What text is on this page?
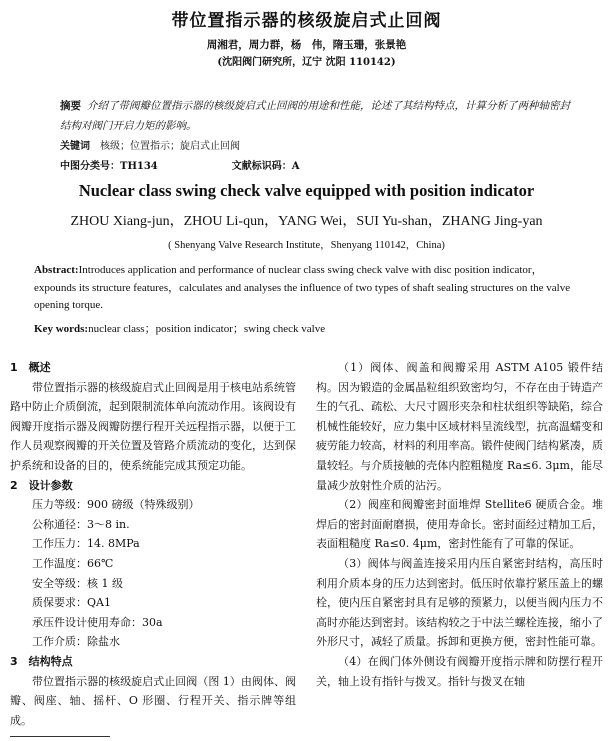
带位置指示器的核级旋启式止回阀
周湘君，周力群，杨　伟，隋玉珊，张景艳
(沈阳阀门研究所，辽宁 沈阳 110142)
摘要 介绍了带阀瓣位置指示器的核级旋启式止回阀的用途和性能，论述了其结构特点，计算分析了两种轴密封结构对阀门开启力矩的影响。
关键词 核级；位置指示；旋启式止回阀
中图分类号：TH134	文献标识码：A
Nuclear class swing check valve equipped with position indicator
ZHOU Xiang-jun，ZHOU Li-qun，YANG Wei，SUI Yu-shan，ZHANG Jing-yan
( Shenyang Valve Research Institute，Shenyang 110142，China)
Abstract:Introduces application and performance of nuclear class swing check valve with disc position indicator，expounds its structure features，calculates and analyses the influence of two types of shaft sealing structures on the valve opening torque.
Key words:nuclear class；position indicator；swing check valve

1　概述

带位置指示器的核级旋启式止回阀是用于核电站系统管路中防止介质倒流，起到限制流体单向流动作用。该阀设有阀瓣开度指示器及阀瓣防摆行程开关远程指示器，以便于工作人员观察阀瓣的开关位置及管路介质流动的变化，达到保护系统和设备的目的，使系统能完成其预定功能。

2　设计参数

压力等级：900 磅级（特殊级别）

公称通径：3～8 in.

工作压力：14. 8MPa

工作温度：66℃

安全等级：核 1 级

质保要求：QA1

承压件设计使用寿命：30a

工作介质：除盐水

3　结构特点

带位置指示器的核级旋启式止回阀（图 1）由阀体、阀瓣、阀座、轴、摇杆、O 形圈、行程开关、指示牌等组成。

（1）阀体、阀盖和阀瓣采用 ASTM A105 锻件结构。因为锻造的金属晶粒组织致密均匀，不存在由于铸造产生的气孔、疏松、大尺寸圆形夹杂和柱状组织等缺陷，综合机械性能较好，应力集中区域材料呈流线型，抗高温蠕变和疲劳能力较高，材料的利用率高。锻件使阀门结构紧凑，质量较轻。与介质接触的壳体内腔粗糙度 Ra≤6. 3μm，能尽量减少放射性介质的沾污。

（2）阀座和阀瓣密封面堆焊 Stellite6 硬质合金。堆焊后的密封面耐磨损，使用寿命长。密封面经过精加工后，表面粗糙度 Ra≤0. 4μm，密封性能有了可靠的保证。

（3）阀体与阀盖连接采用内压自紧密封结构，高压时利用介质本身的压力达到密封。低压时依靠拧紧压盖上的螺栓，使内压自紧密封具有足够的预紧力，以便当阀内压力不高时亦能达到密封。该结构较之于中法兰螺栓连接，缩小了外形尺寸，减轻了质量。拆卸和更换方便，密封性能可靠。

（4）在阀门体外侧设有阀瓣开度指示牌和防摆行程开关，轴上设有指针与拨叉。指针与拨叉在轴
